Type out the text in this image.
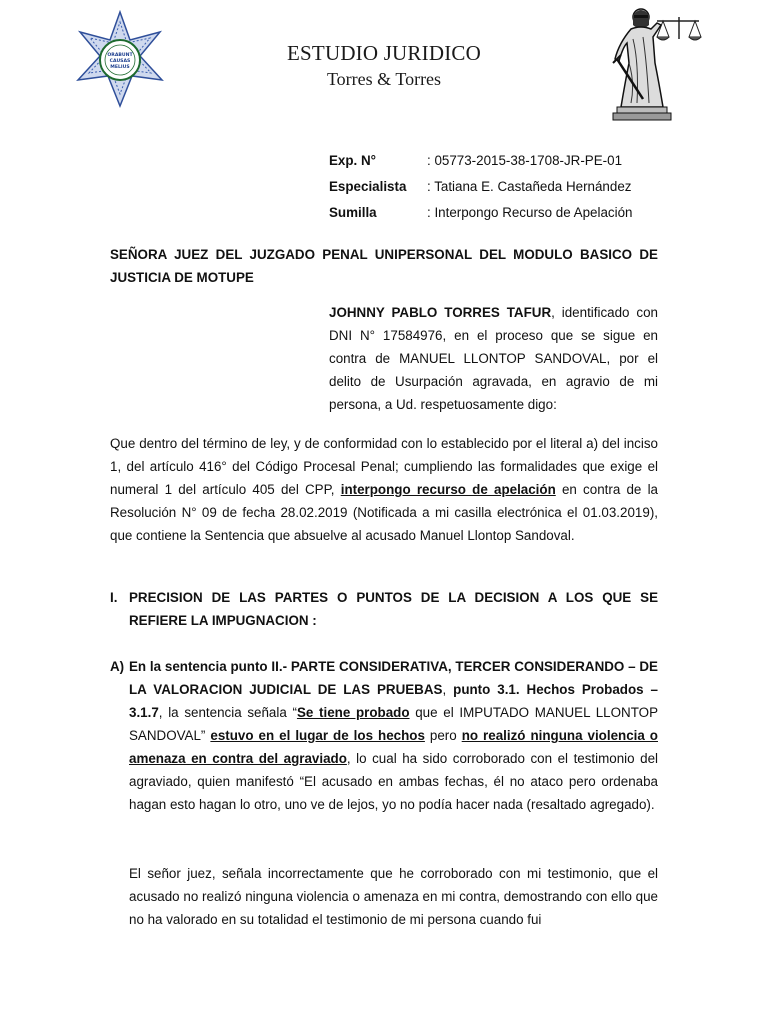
ORABUNT
CAUSAS
MELIUS
ESTUDIO JURIDICO
Torres & Torres
Exp. N°	: 05773-2015-38-1708-JR-PE-01
Especialista : Tatiana E. Castañeda Hernández
Sumilla	: Interpongo Recurso de Apelación
SEÑORA JUEZ DEL JUZGADO PENAL UNIPERSONAL DEL MODULO BASICO DE JUSTICIA DE MOTUPE
JOHNNY PABLO TORRES TAFUR, identificado con DNI N° 17584976, en el proceso que se sigue en contra de MANUEL LLONTOP SANDOVAL, por el delito de Usurpación agravada, en agravio de mi persona, a Ud. respetuosamente digo:
Que dentro del término de ley, y de conformidad con lo establecido por el literal a) del inciso 1, del artículo 416° del Código Procesal Penal; cumpliendo las formalidades que exige el numeral 1 del artículo 405 del CPP, interpongo recurso de apelación en contra de la Resolución N° 09 de fecha 28.02.2019 (Notificada a mi casilla electrónica el 01.03.2019), que contiene la Sentencia que absuelve al acusado Manuel Llontop Sandoval.
I. PRECISION DE LAS PARTES O PUNTOS DE LA DECISION A LOS QUE SE
REFIERE LA IMPUGNACION :
A) En la sentencia punto II.- PARTE CONSIDERATIVA, TERCER CONSIDERANDO – DE LA VALORACION JUDICIAL DE LAS PRUEBAS, punto 3.1. Hechos Probados – 3.1.7, la sentencia señala “Se tiene probado que el IMPUTADO MANUEL LLONTOP SANDOVAL” estuvo en el lugar de los hechos pero no realizó ninguna violencia o amenaza en contra del agraviado, lo cual ha sido corroborado con el testimonio del agraviado, quien manifestó “El acusado en ambas fechas, él no ataco pero ordenaba hagan esto hagan lo otro, uno ve de lejos, yo no podía hacer nada (resaltado agregado).
El señor juez, señala incorrectamente que he corroborado con mi testimonio, que el acusado no realizó ninguna violencia o amenaza en mi contra, demostrando con ello que no ha valorado en su totalidad el testimonio de mi persona cuando fui
